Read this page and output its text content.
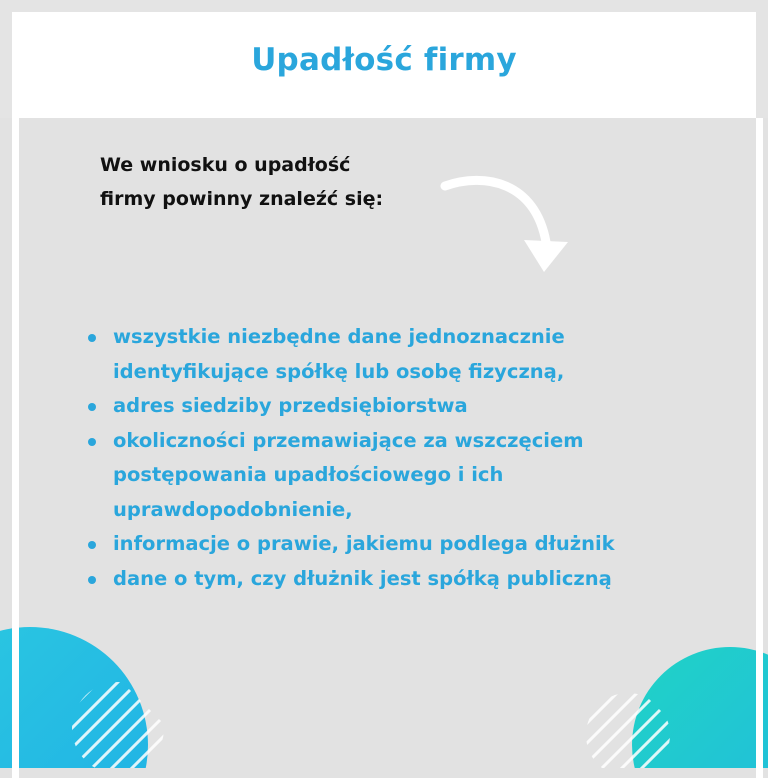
Upadłość firmy
We wniosku o upadłość
firmy powinny znaleźć się:
wszystkie niezbędne dane jednoznacznie
identyfikujące spółkę lub osobę fizyczną,
adres siedziby przedsiębiorstwa
okoliczności przemawiające za wszczęciem
postępowania upadłościowego i ich
uprawdopodobnienie,
informacje o prawie, jakiemu podlega dłużnik
dane o tym, czy dłużnik jest spółką publiczną
